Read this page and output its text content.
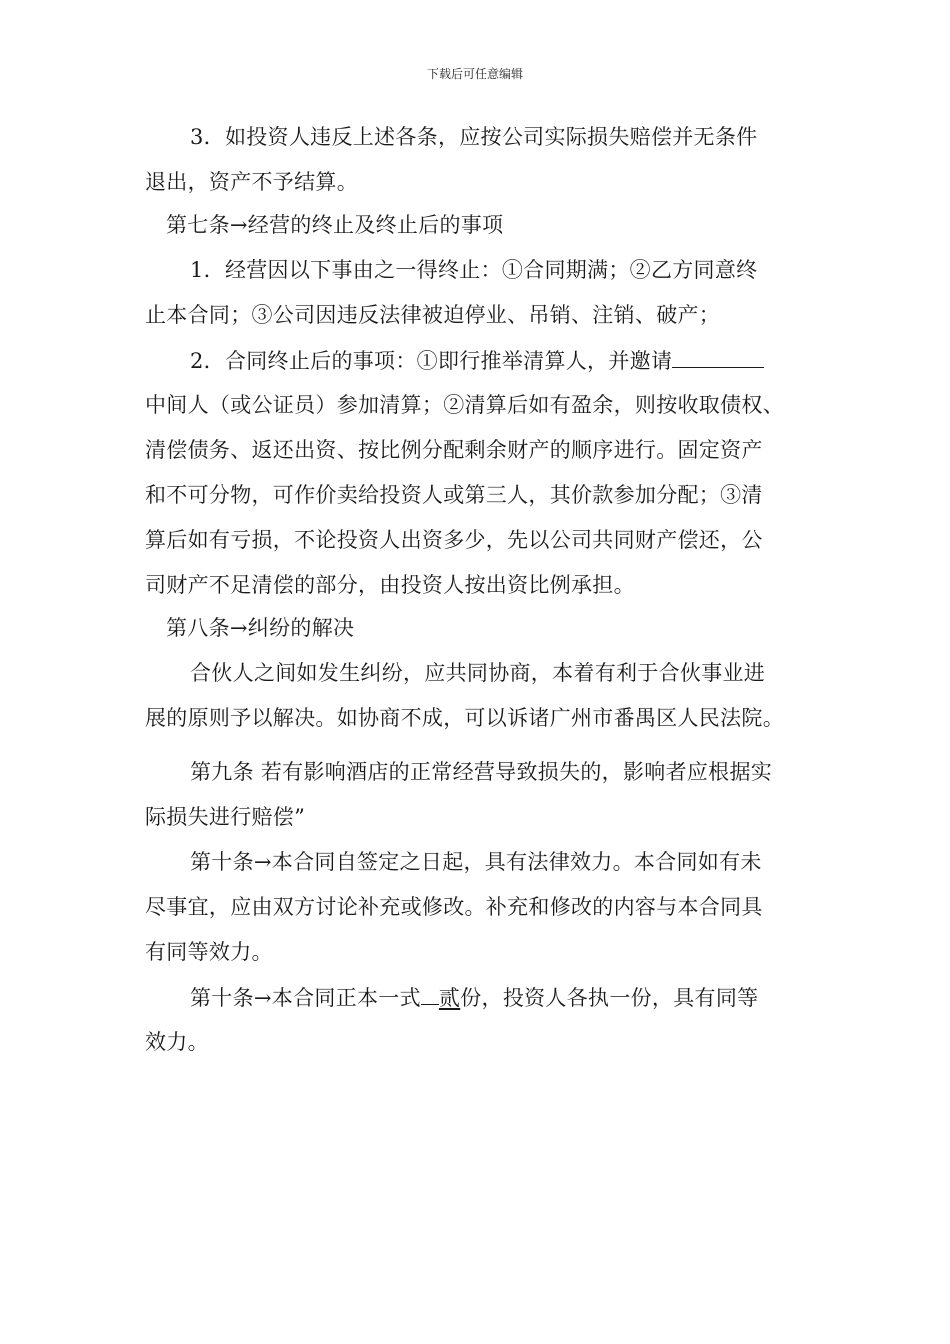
下载后可任意编辑
3．如投资人违反上述各条，应按公司实际损失赔偿并无条件
退出，资产不予结算。
第七条→经营的终止及终止后的事项
1．经营因以下事由之一得终止：①合同期满；②乙方同意终
止本合同；③公司因违反法律被迫停业、吊销、注销、破产；
2．合同终止后的事项：①即行推举清算人，并邀请
中间人（或公证员）参加清算；②清算后如有盈余，则按收取债权、
清偿债务、返还出资、按比例分配剩余财产的顺序进行。固定资产
和不可分物，可作价卖给投资人或第三人，其价款参加分配；③清
算后如有亏损，不论投资人出资多少，先以公司共同财产偿还，公
司财产不足清偿的部分，由投资人按出资比例承担。
第八条→纠纷的解决
合伙人之间如发生纠纷，应共同协商，本着有利于合伙事业进
展的原则予以解决。如协商不成，可以诉诸广州市番禺区人民法院。
第九条 若有影响酒店的正常经营导致损失的，影响者应根据实
际损失进行赔偿”
第十条→本合同自签定之日起，具有法律效力。本合同如有未
尽事宜，应由双方讨论补充或修改。补充和修改的内容与本合同具
有同等效力。
第十条→本合同正本一式 贰份，投资人各执一份，具有同等
效力。
